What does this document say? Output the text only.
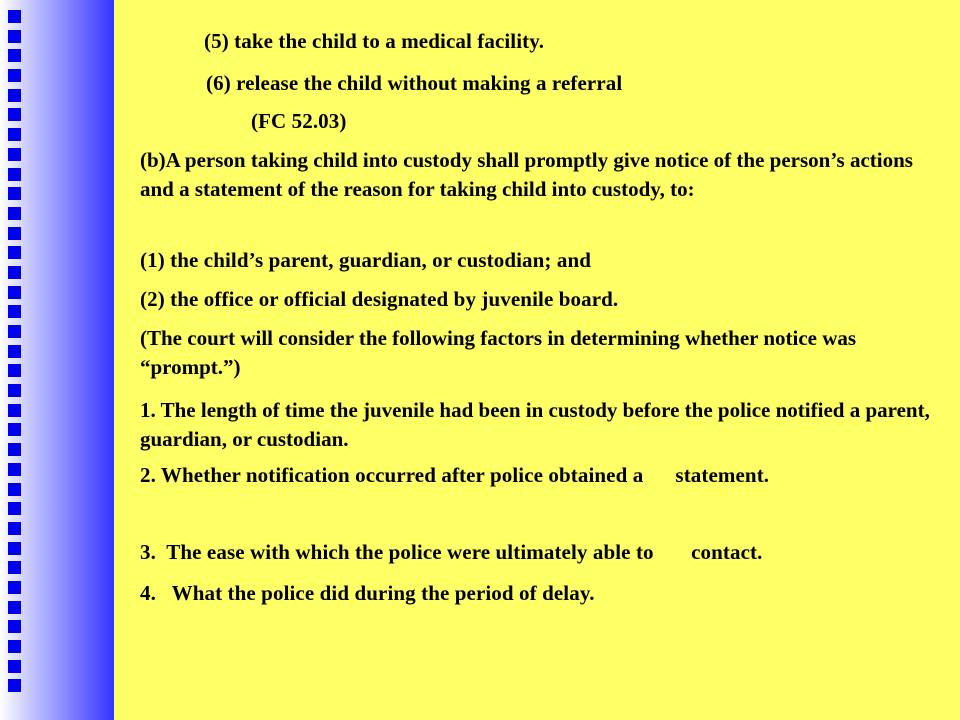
(5) take the child to a medical facility.
(6) release the child without making a referral
(FC 52.03)
(b)A person taking child into custody shall promptly give notice of the person’s actions and a statement of the reason for taking child into custody, to:
(1) the child’s parent, guardian, or custodian; and
(2) the office or official designated by juvenile board.
(The court will consider the following factors in determining whether notice was “prompt.”)
1. The length of time the juvenile had been in custody before the police notified a parent, guardian, or custodian.
2. Whether notification occurred after police obtained a      statement.
3.  The ease with which the police were ultimately able to       contact.
4.   What the police did during the period of delay.
